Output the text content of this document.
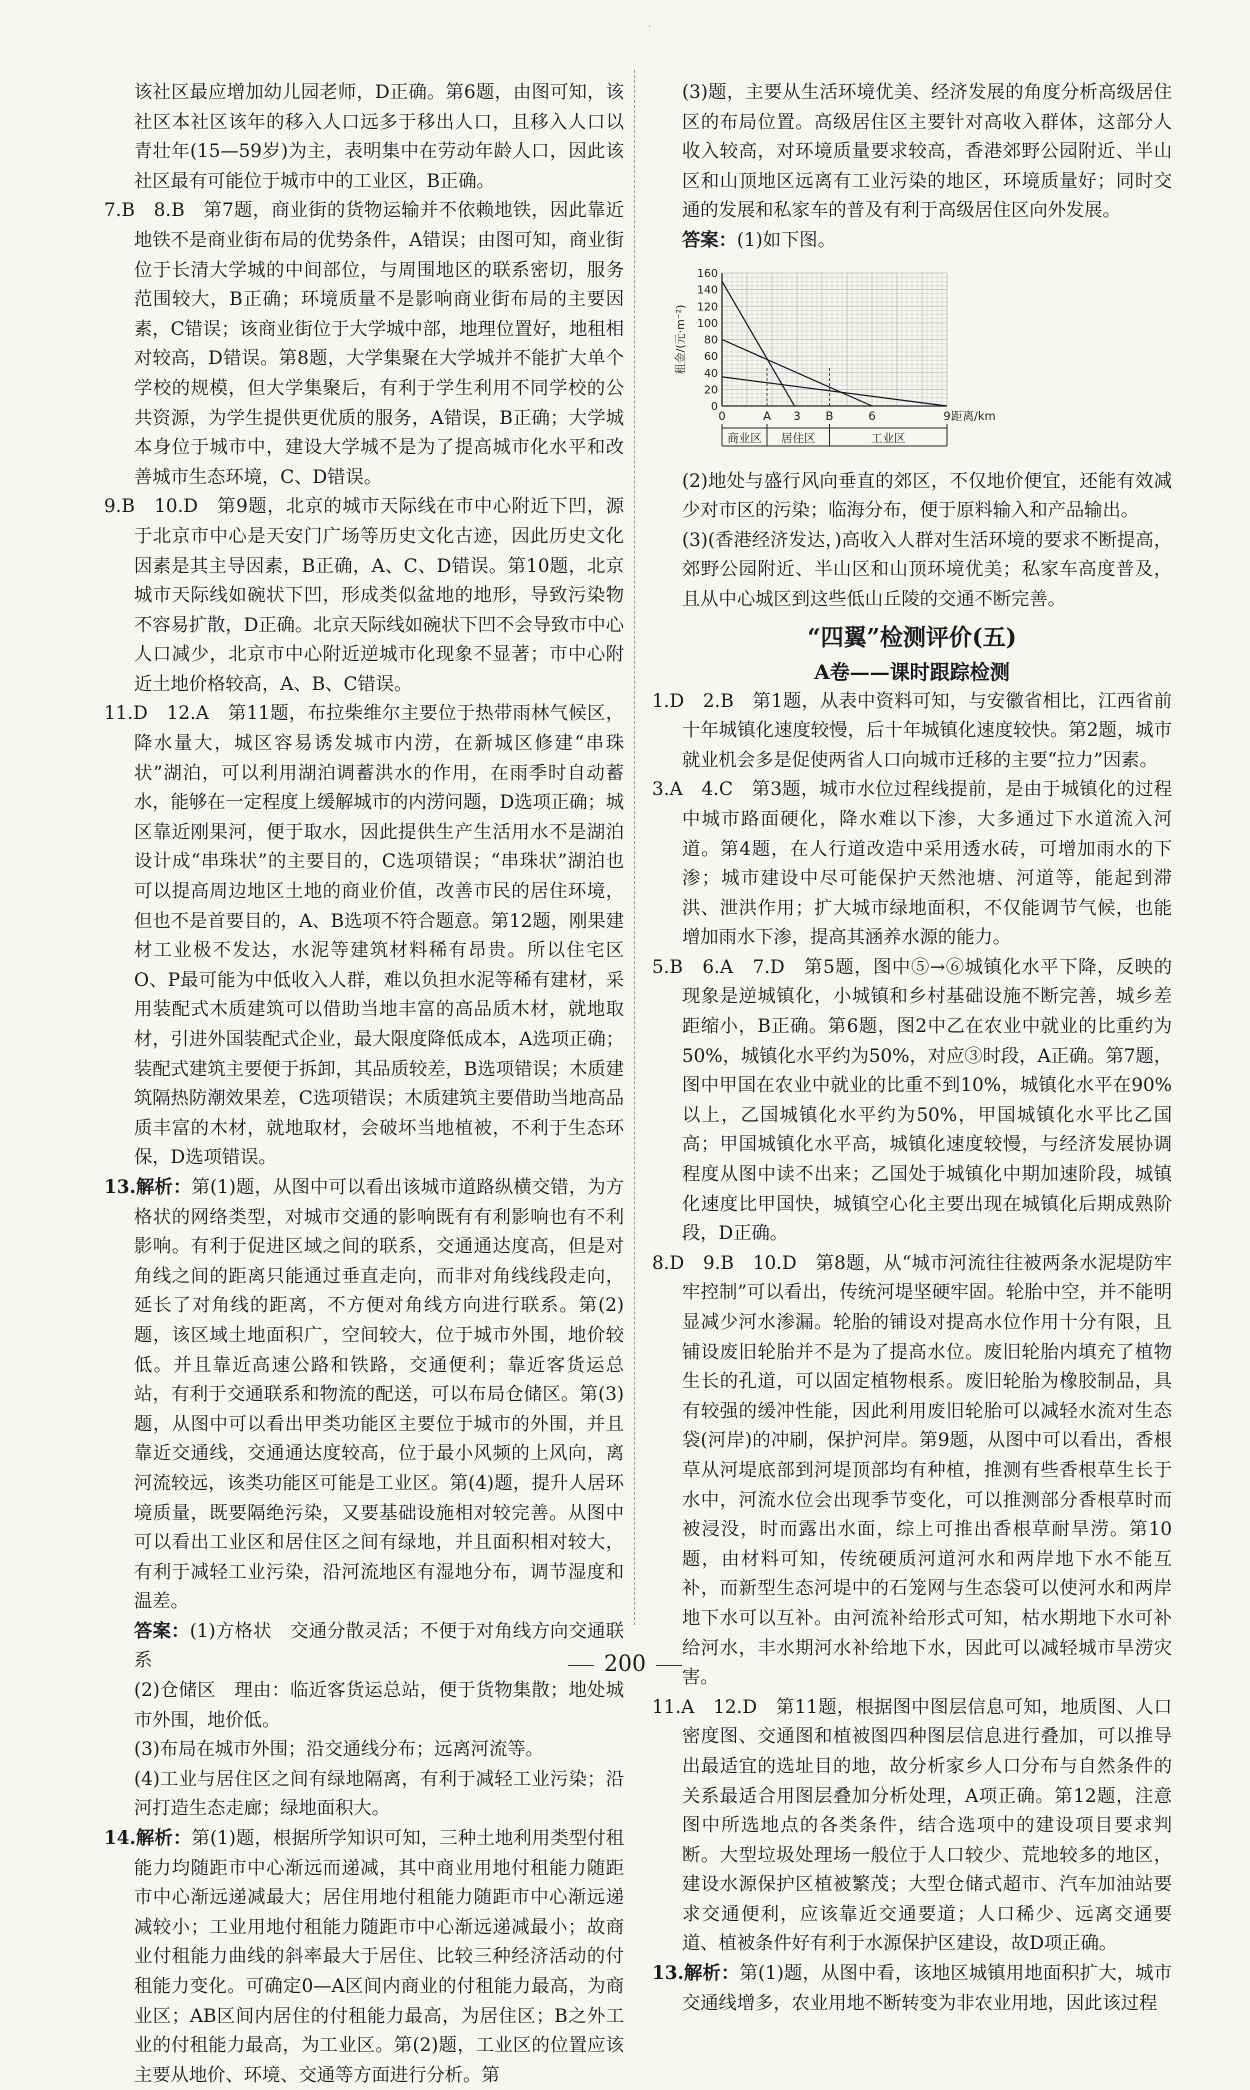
·

该社区最应增加幼儿园老师，D正确。第6题，由图可知，该社区本社区该年的移入人口远多于移出人口，且移入人口以青壮年(15—59岁)为主，表明集中在劳动年龄人口，因此该社区最有可能位于城市中的工业区，B正确。

7.B　8.B　第7题，商业街的货物运输并不依赖地铁，因此靠近地铁不是商业街布局的优势条件，A错误；由图可知，商业街位于长清大学城的中间部位，与周围地区的联系密切，服务范围较大，B正确；环境质量不是影响商业街布局的主要因素，C错误；该商业街位于大学城中部，地理位置好，地租相对较高，D错误。第8题，大学集聚在大学城并不能扩大单个学校的规模，但大学集聚后，有利于学生利用不同学校的公共资源，为学生提供更优质的服务，A错误，B正确；大学城本身位于城市中，建设大学城不是为了提高城市化水平和改善城市生态环境，C、D错误。

9.B　10.D　第9题，北京的城市天际线在市中心附近下凹，源于北京市中心是天安门广场等历史文化古迹，因此历史文化因素是其主导因素，B正确，A、C、D错误。第10题，北京城市天际线如碗状下凹，形成类似盆地的地形，导致污染物不容易扩散，D正确。北京天际线如碗状下凹不会导致市中心人口减少，北京市中心附近逆城市化现象不显著；市中心附近土地价格较高，A、B、C错误。

11.D　12.A　第11题，布拉柴维尔主要位于热带雨林气候区，降水量大，城区容易诱发城市内涝，在新城区修建“串珠状”湖泊，可以利用湖泊调蓄洪水的作用，在雨季时自动蓄水，能够在一定程度上缓解城市的内涝问题，D选项正确；城区靠近刚果河，便于取水，因此提供生产生活用水不是湖泊设计成“串珠状”的主要目的，C选项错误；“串珠状”湖泊也可以提高周边地区土地的商业价值，改善市民的居住环境，但也不是首要目的，A、B选项不符合题意。第12题，刚果建材工业极不发达，水泥等建筑材料稀有昂贵。所以住宅区O、P最可能为中低收入人群，难以负担水泥等稀有建材，采用装配式木质建筑可以借助当地丰富的高品质木材，就地取材，引进外国装配式企业，最大限度降低成本，A选项正确；装配式建筑主要便于拆卸，其品质较差，B选项错误；木质建筑隔热防潮效果差，C选项错误；木质建筑主要借助当地高品质丰富的木材，就地取材，会破坏当地植被，不利于生态环保，D选项错误。

13.解析：第(1)题，从图中可以看出该城市道路纵横交错，为方格状的网络类型，对城市交通的影响既有有利影响也有不利影响。有利于促进区域之间的联系，交通通达度高，但是对角线之间的距离只能通过垂直走向，而非对角线线段走向，延长了对角线的距离，不方便对角线方向进行联系。第(2)题，该区域土地面积广，空间较大，位于城市外围，地价较低。并且靠近高速公路和铁路，交通便利；靠近客货运总站，有利于交通联系和物流的配送，可以布局仓储区。第(3)题，从图中可以看出甲类功能区主要位于城市的外围，并且靠近交通线，交通通达度较高，位于最小风频的上风向，离河流较远，该类功能区可能是工业区。第(4)题，提升人居环境质量，既要隔绝污染，又要基础设施相对较完善。从图中可以看出工业区和居住区之间有绿地，并且面积相对较大，有利于减轻工业污染，沿河流地区有湿地分布，调节湿度和温差。

答案：(1)方格状　交通分散灵活；不便于对角线方向交通联系

(2)仓储区　理由：临近客货运总站，便于货物集散；地处城市外围，地价低。

(3)布局在城市外围；沿交通线分布；远离河流等。

(4)工业与居住区之间有绿地隔离，有利于减轻工业污染；沿河打造生态走廊；绿地面积大。

14.解析：第(1)题，根据所学知识可知，三种土地利用类型付租能力均随距市中心渐远而递减，其中商业用地付租能力随距市中心渐远递减最大；居住用地付租能力随距市中心渐远递减较小；工业用地付租能力随距市中心渐远递减最小；故商业付租能力曲线的斜率最大于居住、比较三种经济活动的付租能力变化。可确定0—A区间内商业的付租能力最高，为商业区；AB区间内居住的付租能力最高，为居住区；B之外工业的付租能力最高，为工业区。第(2)题，工业区的位置应该主要从地价、环境、交通等方面进行分析。第

(3)题，主要从生活环境优美、经济发展的角度分析高级居住区的布局位置。高级居住区主要针对高收入群体，这部分人收入较高，对环境质量要求较高，香港郊野公园附近、半山区和山顶地区远离有工业污染的地区，环境质量好；同时交通的发展和私家车的普及有利于高级居住区向外发展。

答案：(1)如下图。

0
20
40
60
80
100
120
140
160
0	A 3 B	6	9
租金/(元·m⁻²)
距离/km
商业区 居住区	工业区

(2)地处与盛行风向垂直的郊区，不仅地价便宜，还能有效减少对市区的污染；临海分布，便于原料输入和产品输出。

(3)(香港经济发达，)高收入人群对生活环境的要求不断提高，郊野公园附近、半山区和山顶环境优美；私家车高度普及，且从中心城区到这些低山丘陵的交通不断完善。

“四翼”检测评价(五)
A卷——课时跟踪检测

1.D　2.B　第1题，从表中资料可知，与安徽省相比，江西省前十年城镇化速度较慢，后十年城镇化速度较快。第2题，城市就业机会多是促使两省人口向城市迁移的主要“拉力”因素。

3.A　4.C　第3题，城市水位过程线提前，是由于城镇化的过程中城市路面硬化，降水难以下渗，大多通过下水道流入河道。第4题，在人行道改造中采用透水砖，可增加雨水的下渗；城市建设中尽可能保护天然池塘、河道等，能起到滞洪、泄洪作用；扩大城市绿地面积，不仅能调节气候，也能增加雨水下渗，提高其涵养水源的能力。

5.B　6.A　7.D　第5题，图中⑤→⑥城镇化水平下降，反映的现象是逆城镇化，小城镇和乡村基础设施不断完善，城乡差距缩小，B正确。第6题，图2中乙在农业中就业的比重约为50%，城镇化水平约为50%，对应③时段，A正确。第7题，图中甲国在农业中就业的比重不到10%，城镇化水平在90%以上，乙国城镇化水平约为50%，甲国城镇化水平比乙国高；甲国城镇化水平高，城镇化速度较慢，与经济发展协调程度从图中读不出来；乙国处于城镇化中期加速阶段，城镇化速度比甲国快，城镇空心化主要出现在城镇化后期成熟阶段，D正确。

8.D　9.B　10.D　第8题，从“城市河流往往被两条水泥堤防牢牢控制”可以看出，传统河堤坚硬牢固。轮胎中空，并不能明显减少河水渗漏。轮胎的铺设对提高水位作用十分有限，且铺设废旧轮胎并不是为了提高水位。废旧轮胎内填充了植物生长的孔道，可以固定植物根系。废旧轮胎为橡胶制品，具有较强的缓冲性能，因此利用废旧轮胎可以减轻水流对生态袋(河岸)的冲刷，保护河岸。第9题，从图中可以看出，香根草从河堤底部到河堤顶部均有种植，推测有些香根草生长于水中，河流水位会出现季节变化，可以推测部分香根草时而被浸没，时而露出水面，综上可推出香根草耐旱涝。第10题，由材料可知，传统硬质河道河水和两岸地下水不能互补，而新型生态河堤中的石笼网与生态袋可以使河水和两岸地下水可以互补。由河流补给形式可知，枯水期地下水可补给河水，丰水期河水补给地下水，因此可以减轻城市旱涝灾害。

11.A　12.D　第11题，根据图中图层信息可知，地质图、人口密度图、交通图和植被图四种图层信息进行叠加，可以推导出最适宜的选址目的地，故分析家乡人口分布与自然条件的关系最适合用图层叠加分析处理，A项正确。第12题，注意图中所选地点的各类条件，结合选项中的建设项目要求判断。大型垃圾处理场一般位于人口较少、荒地较多的地区，建设水源保护区植被繁茂；大型仓储式超市、汽车加油站要求交通便利，应该靠近交通要道；人口稀少、远离交通要道、植被条件好有利于水源保护区建设，故D项正确。

13.解析：第(1)题，从图中看，该地区城镇用地面积扩大，城市交通线增多，农业用地不断转变为非农业用地，因此该过程

200
